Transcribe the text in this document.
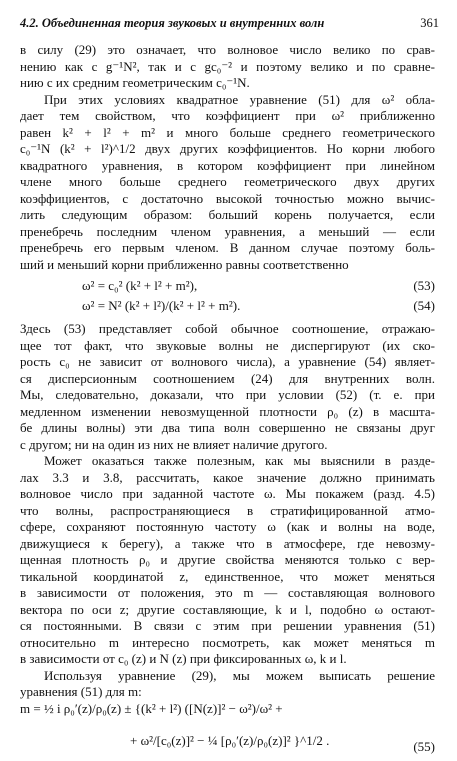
4.2. Объединенная теория звуковых и внутренних волн	361
в силу (29) это означает, что волновое число велико по срав-
нению как с g⁻¹N², так и с gc₀⁻² и поэтому велико и по сравне-
нию с их средним геометрическим c₀⁻¹N.
При этих условиях квадратное уравнение (51) для ω² обла-
дает тем свойством, что коэффициент при ω² приближенно
равен k² + l² + m² и много больше среднего геометрического
c₀⁻¹N (k² + l²)^1/2 двух других коэффициентов. Но корни любого
квадратного уравнения, в котором коэффициент при линейном
члене много больше среднего геометрического двух других
коэффициентов, с достаточно высокой точностью можно вычис-
лить следующим образом: больший корень получается, если
пренебречь последним членом уравнения, а меньший — если
пренебречь его первым членом. В данном случае поэтому боль-
ший и меньший корни приближенно равны соответственно
ω² = c₀² (k² + l² + m²),	(53)
ω² = N² (k² + l²)/(k² + l² + m²).	(54)
Здесь (53) представляет собой обычное соотношение, отражаю-
щее тот факт, что звуковые волны не диспергируют (их ско-
рость c₀ не зависит от волнового числа), а уравнение (54) являет-
ся дисперсионным соотношением (24) для внутренних волн.
Мы, следовательно, доказали, что при условии (52) (т. е. при
медленном изменении невозмущенной плотности ρ₀ (z) в масшта-
бе длины волны) эти два типа волн совершенно не связаны друг
с другом; ни на один из них не влияет наличие другого.
Может оказаться также полезным, как мы выяснили в разде-
лах 3.3 и 3.8, рассчитать, какое значение должно принимать
волновое число при заданной частоте ω. Мы покажем (разд. 4.5)
что волны, распространяющиеся в стратифицированной атмо-
сфере, сохраняют постоянную частоту ω (как и волны на воде,
движущиеся к берегу), а также что в атмосфере, где невозму-
щенная плотность ρ₀ и другие свойства меняются только с вер-
тикальной координатой z, единственное, что может меняться
в зависимости от положения, это m — составляющая волнового
вектора по оси z; другие составляющие, k и l, подобно ω остают-
ся постоянными. В связи с этим при решении уравнения (51)
относительно m интересно посмотреть, как может меняться m
в зависимости от c₀ (z) и N (z) при фиксированных ω, k и l.
Используя уравнение (29), мы можем выписать решение
уравнения (51) для m:
m = ½ i ρ₀′(z)/ρ₀(z) ± {(k² + l²) ([N(z)]² − ω²)/ω² +
+ ω²/[c₀(z)]² − ¼ [ρ₀′(z)/ρ₀(z)]² }^1/2 .	(55)
